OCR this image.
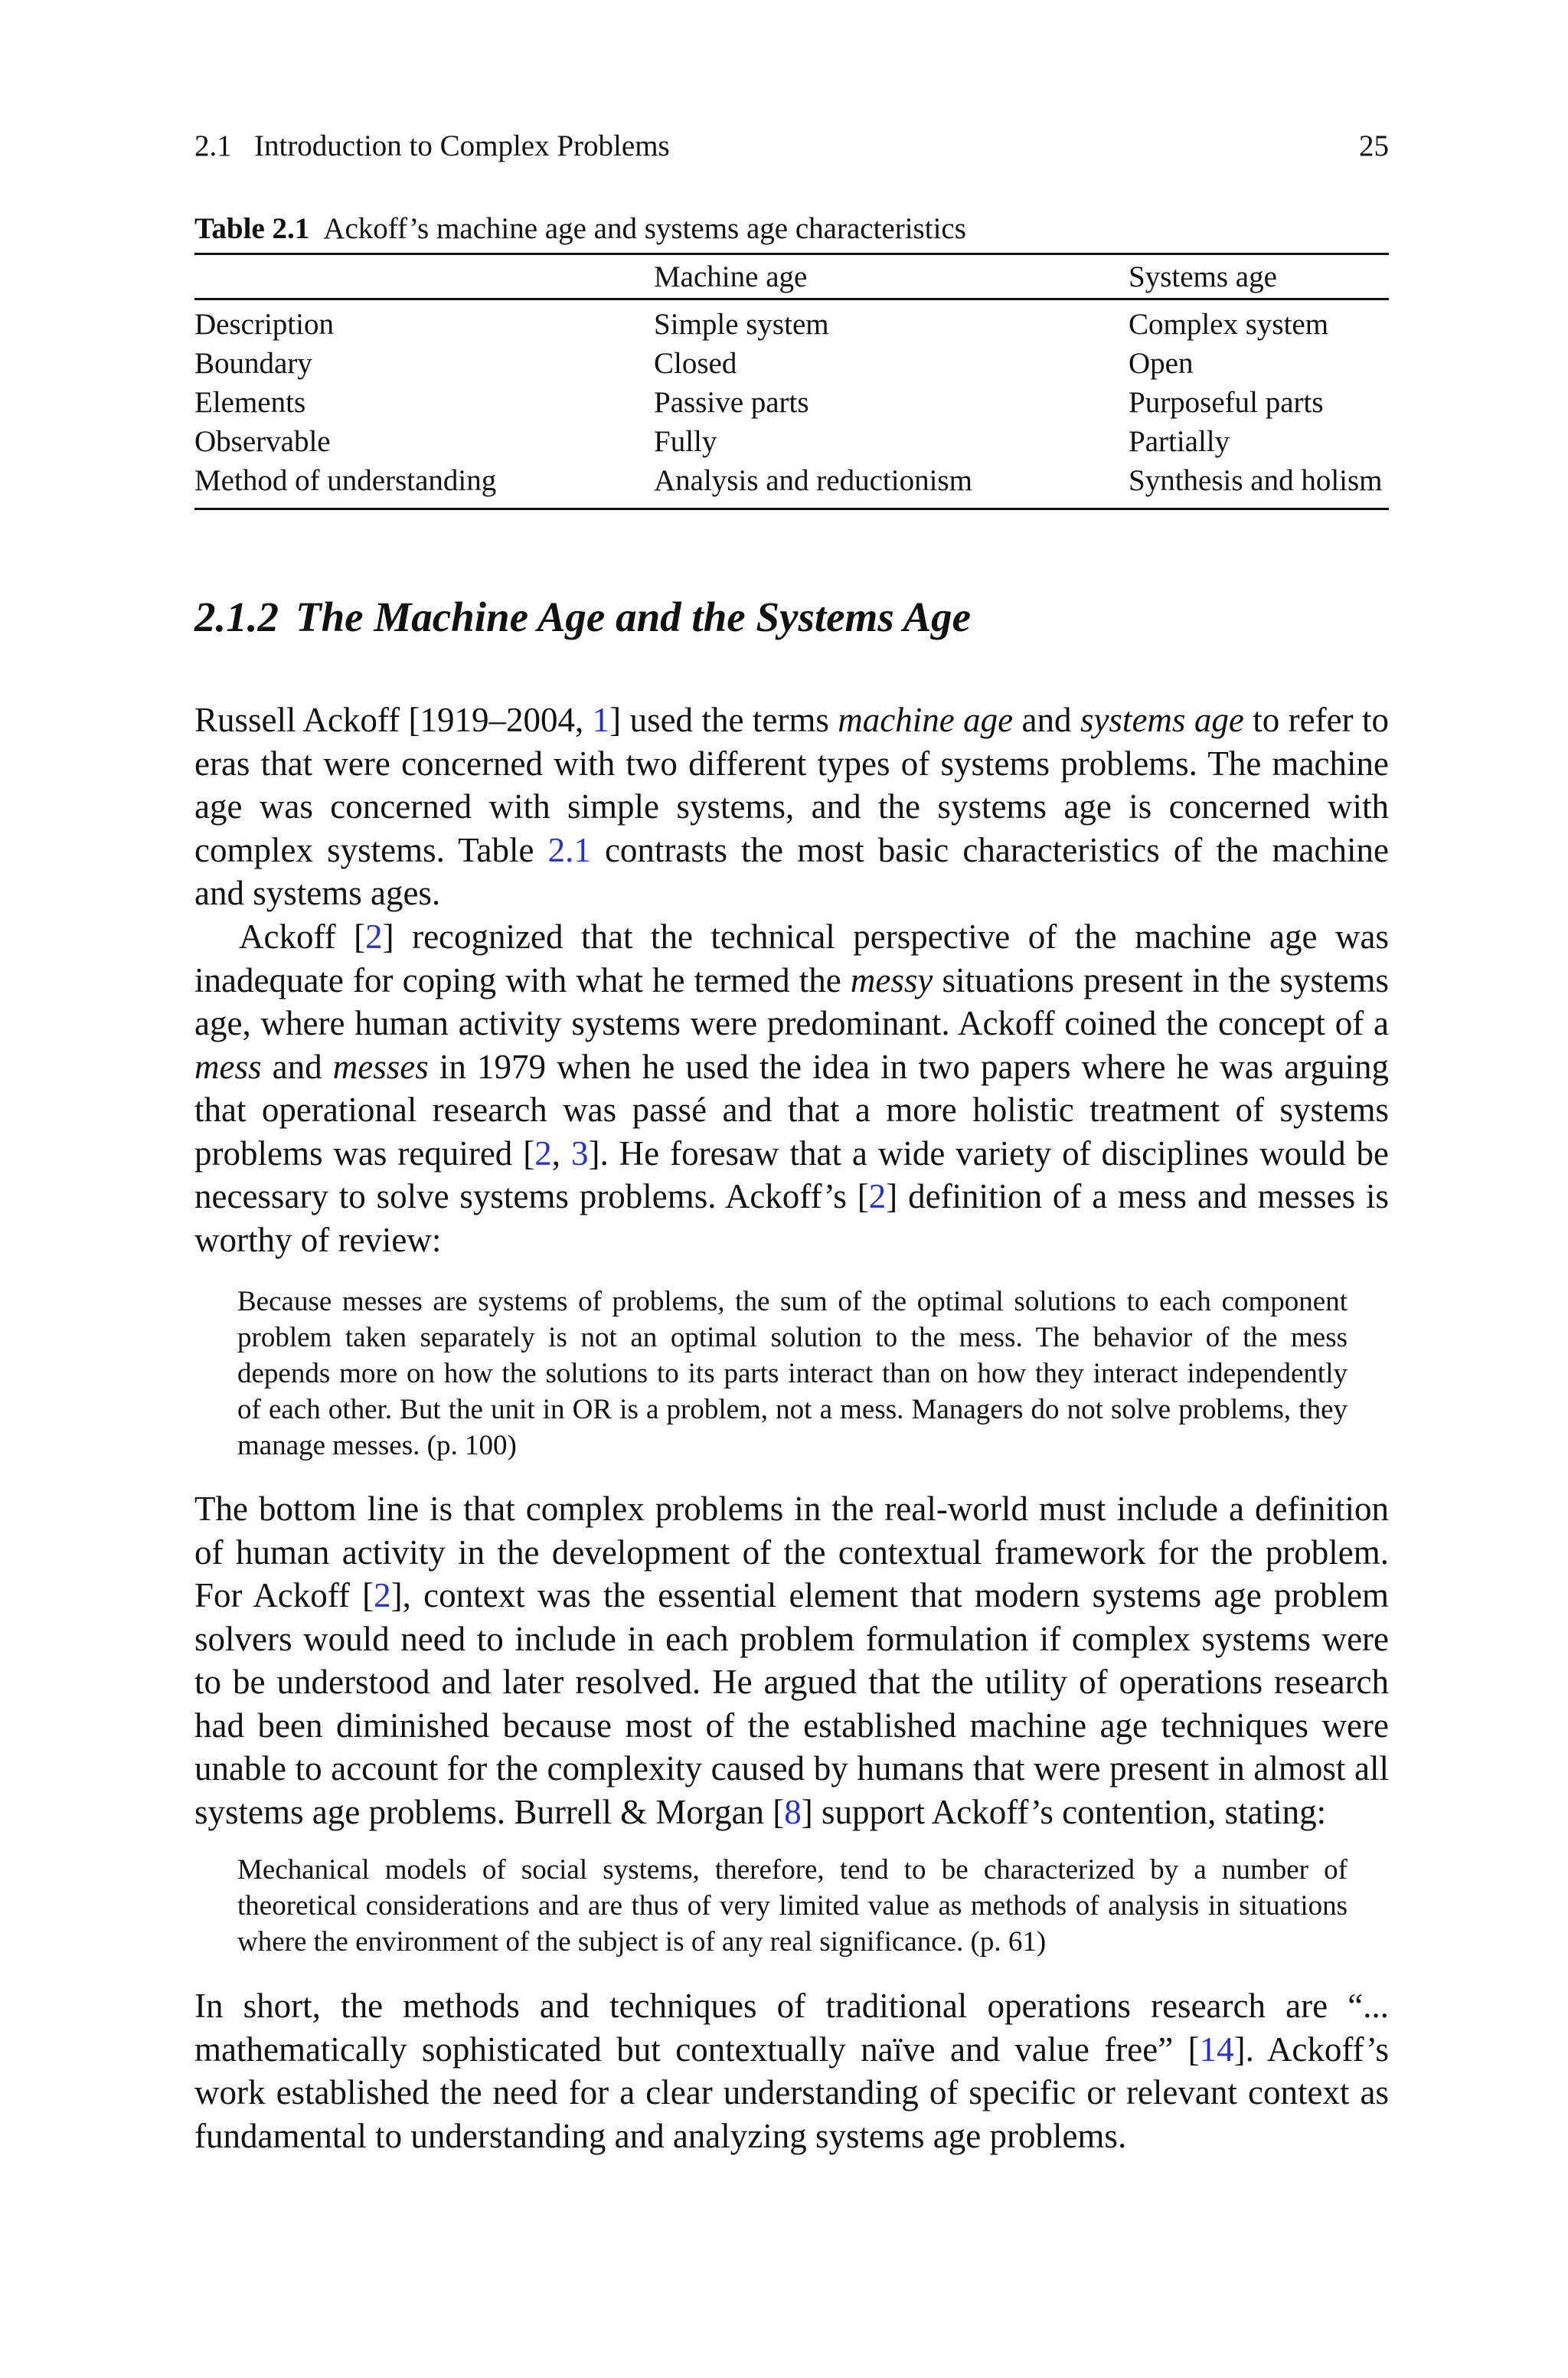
2.1   Introduction to Complex Problems	25
Table 2.1 Ackoff’s machine age and systems age characteristics
	Machine age	Systems age
Description	Simple system	Complex system
Boundary	Closed	Open
Elements	Passive parts	Purposeful parts
Observable	Fully	Partially
Method of understanding	Analysis and reductionism	Synthesis and holism
2.1.2 The Machine Age and the Systems Age

Russell Ackoff [1919–2004, 1] used the terms machine age and systems age to refer to eras that were concerned with two different types of systems problems. The machine age was concerned with simple systems, and the systems age is concerned with complex systems. Table 2.1 contrasts the most basic characteristics of the machine and systems ages.

Ackoff [2] recognized that the technical perspective of the machine age was inadequate for coping with what he termed the messy situations present in the systems age, where human activity systems were predominant. Ackoff coined the concept of a mess and messes in 1979 when he used the idea in two papers where he was arguing that operational research was passé and that a more holistic treatment of systems problems was required [2, 3]. He foresaw that a wide variety of disciplines would be necessary to solve systems problems. Ackoff’s [2] definition of a mess and messes is worthy of review:

Because messes are systems of problems, the sum of the optimal solutions to each component problem taken separately is not an optimal solution to the mess. The behavior of the mess depends more on how the solutions to its parts interact than on how they interact independently of each other. But the unit in OR is a problem, not a mess. Managers do not solve problems, they manage messes. (p. 100)

The bottom line is that complex problems in the real-world must include a definition of human activity in the development of the contextual framework for the problem. For Ackoff [2], context was the essential element that modern systems age problem solvers would need to include in each problem formulation if complex systems were to be understood and later resolved. He argued that the utility of operations research had been diminished because most of the established machine age techniques were unable to account for the complexity caused by humans that were present in almost all systems age problems. Burrell & Morgan [8] support Ackoff’s contention, stating:

Mechanical models of social systems, therefore, tend to be characterized by a number of theoretical considerations and are thus of very limited value as methods of analysis in situations where the environment of the subject is of any real significance. (p. 61)

In short, the methods and techniques of traditional operations research are “... mathematically sophisticated but contextually naïve and value free” [14]. Ackoff’s work established the need for a clear understanding of specific or relevant context as fundamental to understanding and analyzing systems age problems.
